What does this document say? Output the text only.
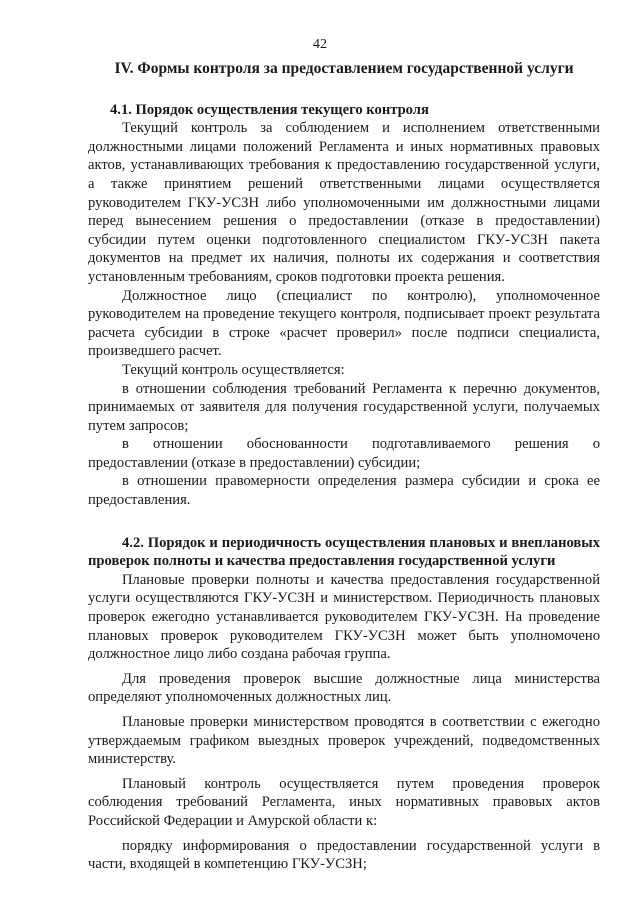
42
IV. Формы контроля за предоставлением государственной услуги
4.1. Порядок осуществления текущего контроля

Текущий контроль за соблюдением и исполнением ответственными должностными лицами положений Регламента и иных нормативных правовых актов, устанавливающих требования к предоставлению государственной услуги, а также принятием решений ответственными лицами осуществляется руководителем ГКУ-УСЗН либо уполномоченными им должностными лицами перед вынесением решения о предоставлении (отказе в предоставлении) субсидии путем оценки подготовленного специалистом ГКУ-УСЗН пакета документов на предмет их наличия, полноты их содержания и соответствия установленным требованиям, сроков подготовки проекта решения.

Должностное лицо (специалист по контролю), уполномоченное руководителем на проведение текущего контроля, подписывает проект результата расчета субсидии в строке «расчет проверил» после подписи специалиста, произведшего расчет.

Текущий контроль осуществляется:

в отношении соблюдения требований Регламента к перечню документов, принимаемых от заявителя для получения государственной услуги, получаемых путем запросов;

в отношении обоснованности подготавливаемого решения о предоставлении (отказе в предоставлении) субсидии;

в отношении правомерности определения размера субсидии и срока ее предоставления.

4.2. Порядок и периодичность осуществления плановых и внеплановых проверок полноты и качества предоставления государственной услуги

Плановые проверки полноты и качества предоставления государственной услуги осуществляются ГКУ-УСЗН и министерством. Периодичность плановых проверок ежегодно устанавливается руководителем ГКУ-УСЗН. На проведение плановых проверок руководителем ГКУ-УСЗН может быть уполномочено должностное лицо либо создана рабочая группа.

Для проведения проверок высшие должностные лица министерства определяют уполномоченных должностных лиц.

Плановые проверки министерством проводятся в соответствии с ежегодно утверждаемым графиком выездных проверок учреждений, подведомственных министерству.

Плановый контроль осуществляется путем проведения проверок соблюдения требований Регламента, иных нормативных правовых актов Российской Федерации и Амурской области к:

порядку информирования о предоставлении государственной услуги в части, входящей в компетенцию ГКУ-УСЗН;
